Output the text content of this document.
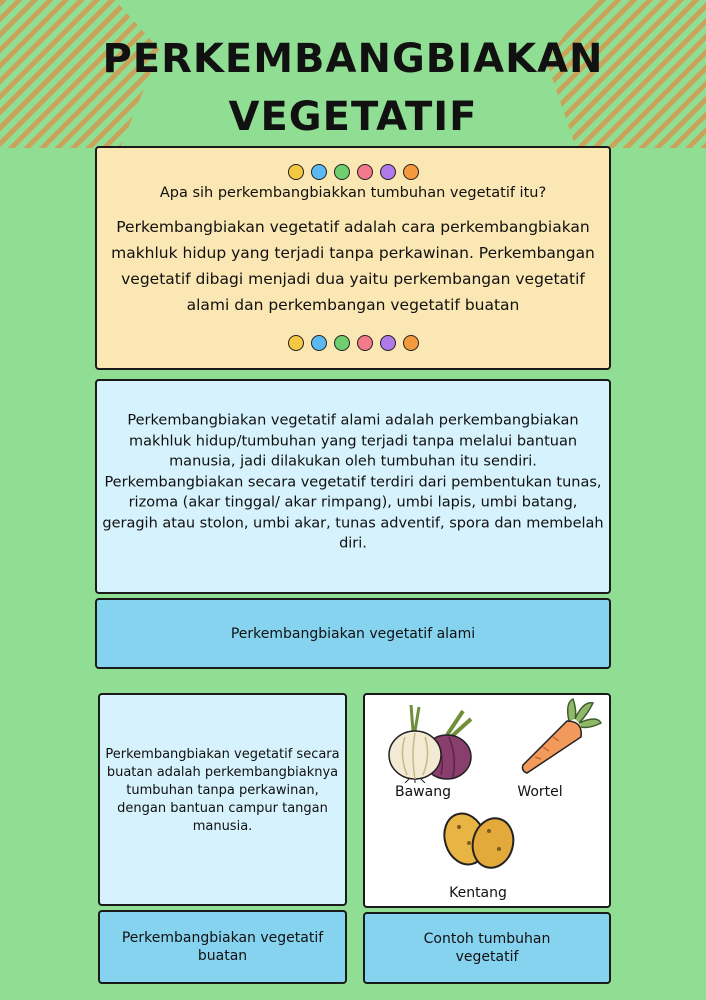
PERKEMBANGBIAKAN
VEGETATIF

Apa sih perkembangbiakkan tumbuhan vegetatif itu?

Perkembangbiakan vegetatif adalah cara perkembangbiakan makhluk hidup yang terjadi tanpa perkawinan. Perkembangan vegetatif dibagi menjadi dua yaitu perkembangan vegetatif alami dan perkembangan vegetatif buatan

Perkembangbiakan vegetatif alami adalah perkembangbiakan makhluk hidup/tumbuhan yang terjadi tanpa melalui bantuan manusia, jadi dilakukan oleh tumbuhan itu sendiri. Perkembangbiakan secara vegetatif terdiri dari pembentukan tunas, rizoma (akar tinggal/ akar rimpang), umbi lapis, umbi batang, geragih atau stolon, umbi akar, tunas adventif, spora dan membelah diri.

Perkembangbiakan vegetatif alami

Perkembangbiakan vegetatif secara buatan adalah perkembangbiaknya tumbuhan tanpa perkawinan, dengan bantuan campur tangan manusia.

Perkembangbiakan vegetatif buatan

Bawang	Wortel
Kentang

Contoh tumbuhan vegetatif
